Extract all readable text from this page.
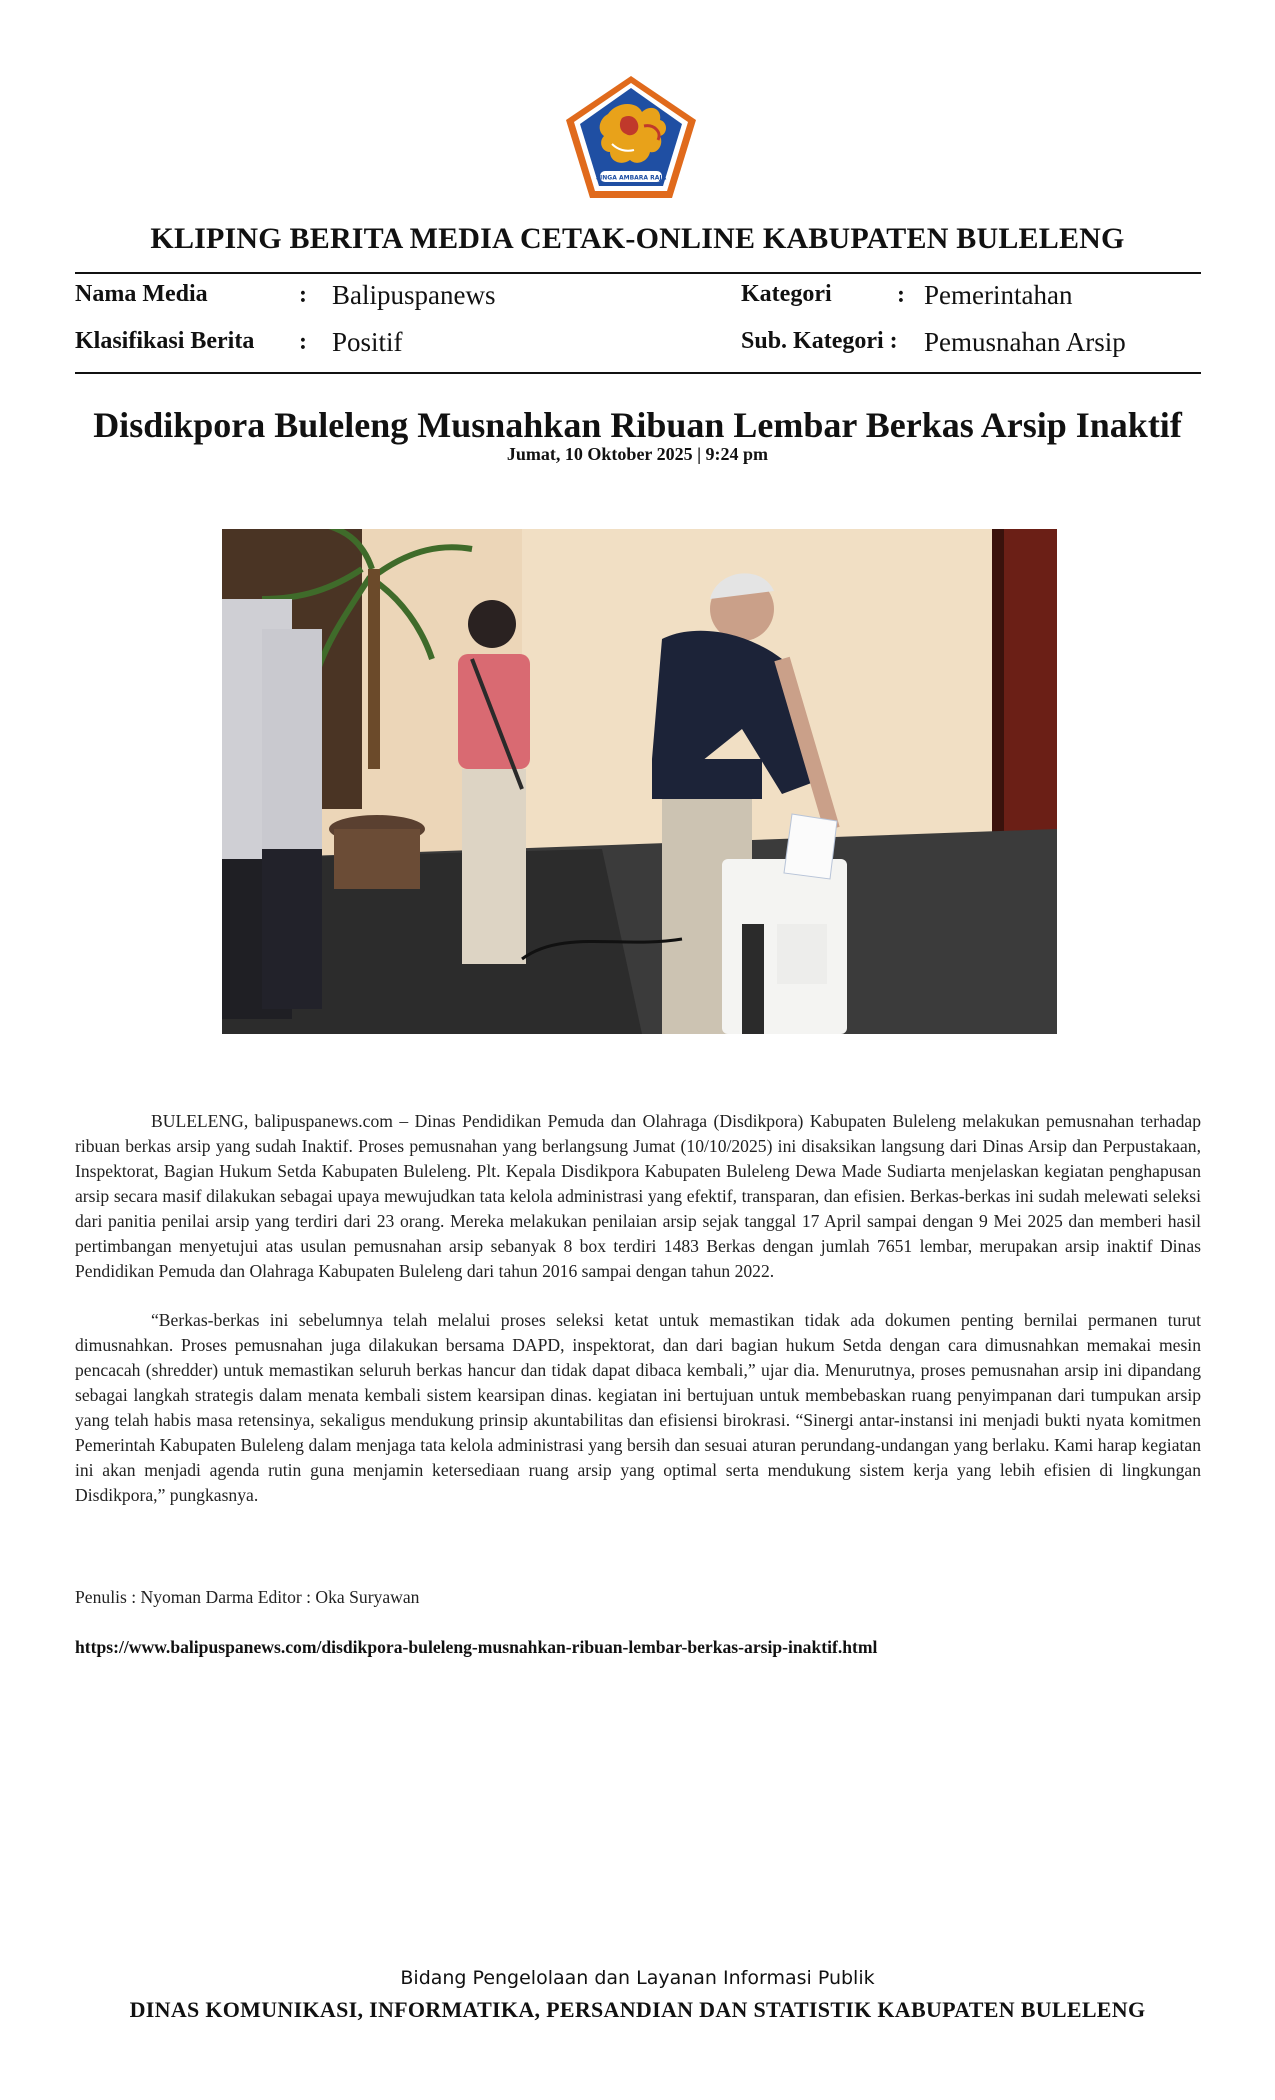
SINGA AMBARA RAJA
KLIPING BERITA MEDIA CETAK-ONLINE KABUPATEN BULELENG
Nama Media	: Balipuspanews
Klasifikasi Berita : Positif
Kategori	: Pemerintahan
Sub. Kategori : Pemusnahan Arsip
Disdikpora Buleleng Musnahkan Ribuan Lembar Berkas Arsip Inaktif
Jumat, 10 Oktober 2025 | 9:24 pm

BULELENG, balipuspanews.com – Dinas Pendidikan Pemuda dan Olahraga (Disdikpora) Kabupaten Buleleng melakukan pemusnahan terhadap ribuan berkas arsip yang sudah Inaktif. Proses pemusnahan yang berlangsung Jumat (10/10/2025) ini disaksikan langsung dari Dinas Arsip dan Perpustakaan, Inspektorat, Bagian Hukum Setda Kabupaten Buleleng. Plt. Kepala Disdikpora Kabupaten Buleleng Dewa Made Sudiarta menjelaskan kegiatan penghapusan arsip secara masif dilakukan sebagai upaya mewujudkan tata kelola administrasi yang efektif, transparan, dan efisien. Berkas-berkas ini sudah melewati seleksi dari panitia penilai arsip yang terdiri dari 23 orang. Mereka melakukan penilaian arsip sejak tanggal 17 April sampai dengan 9 Mei 2025 dan memberi hasil pertimbangan menyetujui atas usulan pemusnahan arsip sebanyak 8 box terdiri 1483 Berkas dengan jumlah 7651 lembar, merupakan arsip inaktif Dinas Pendidikan Pemuda dan Olahraga Kabupaten Buleleng dari tahun 2016 sampai dengan tahun 2022.

“Berkas-berkas ini sebelumnya telah melalui proses seleksi ketat untuk memastikan tidak ada dokumen penting bernilai permanen turut dimusnahkan. Proses pemusnahan juga dilakukan bersama DAPD, inspektorat, dan dari bagian hukum Setda dengan cara dimusnahkan memakai mesin pencacah (shredder) untuk memastikan seluruh berkas hancur dan tidak dapat dibaca kembali,” ujar dia. Menurutnya, proses pemusnahan arsip ini dipandang sebagai langkah strategis dalam menata kembali sistem kearsipan dinas. kegiatan ini bertujuan untuk membebaskan ruang penyimpanan dari tumpukan arsip yang telah habis masa retensinya, sekaligus mendukung prinsip akuntabilitas dan efisiensi birokrasi. “Sinergi antar-instansi ini menjadi bukti nyata komitmen Pemerintah Kabupaten Buleleng dalam menjaga tata kelola administrasi yang bersih dan sesuai aturan perundang-undangan yang berlaku. Kami harap kegiatan ini akan menjadi agenda rutin guna menjamin ketersediaan ruang arsip yang optimal serta mendukung sistem kerja yang lebih efisien di lingkungan Disdikpora,” pungkasnya.

Penulis : Nyoman Darma Editor : Oka Suryawan
https://www.balipuspanews.com/disdikpora-buleleng-musnahkan-ribuan-lembar-berkas-arsip-inaktif.html
Bidang Pengelolaan dan Layanan Informasi Publik
DINAS KOMUNIKASI, INFORMATIKA, PERSANDIAN DAN STATISTIK KABUPATEN BULELENG
